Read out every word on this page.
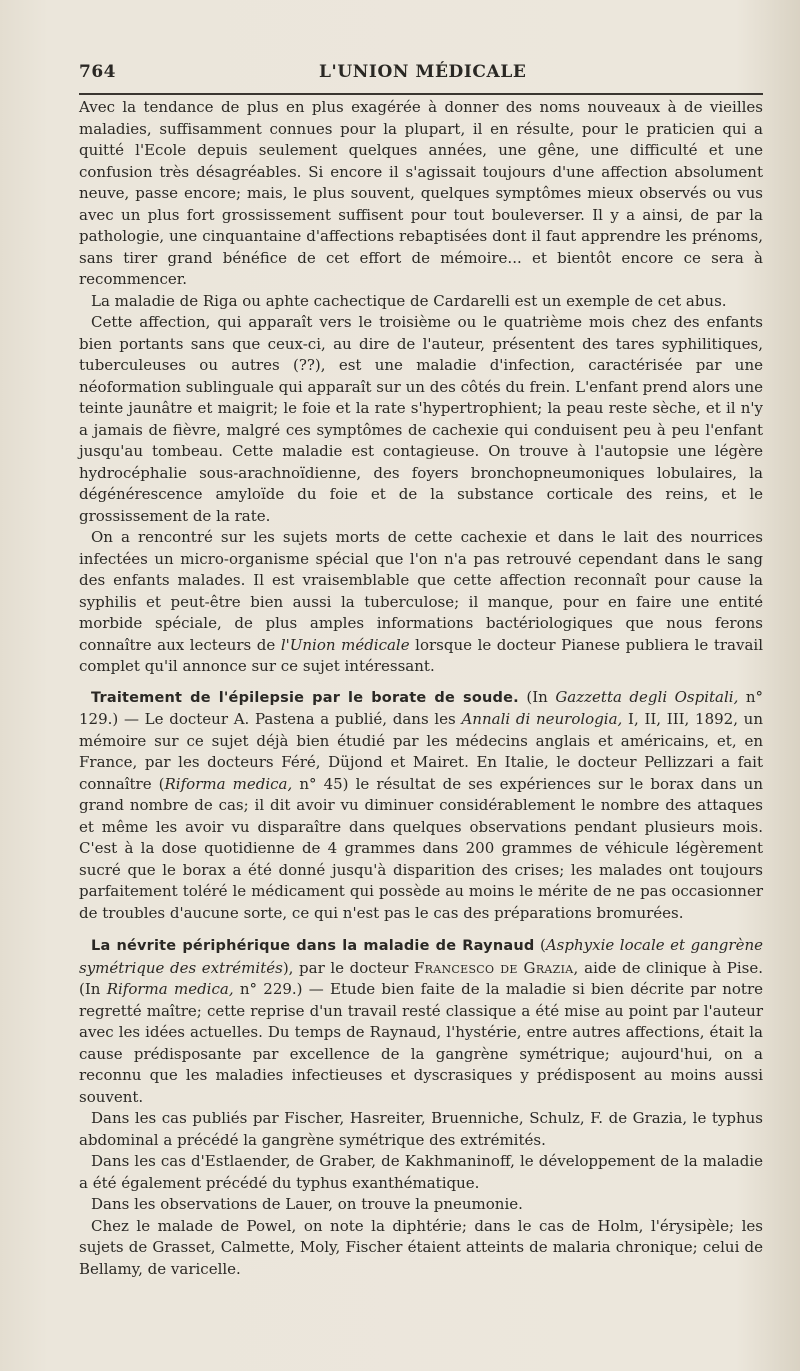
764	L'UNION MÉDICALE

Avec la tendance de plus en plus exagérée à donner des noms nouveaux à de vieilles maladies, suffisamment connues pour la plupart, il en résulte, pour le praticien qui a quitté l'Ecole depuis seulement quelques années, une gêne, une difficulté et une confusion très désagréables. Si encore il s'agissait toujours d'une affection absolument neuve, passe encore; mais, le plus souvent, quelques symptômes mieux observés ou vus avec un plus fort grossissement suffisent pour tout bouleverser. Il y a ainsi, de par la pathologie, une cinquantaine d'affections rebaptisées dont il faut apprendre les prénoms, sans tirer grand bénéfice de cet effort de mémoire... et bientôt encore ce sera à recommencer.

La maladie de Riga ou aphte cachectique de Cardarelli est un exemple de cet abus.

Cette affection, qui apparaît vers le troisième ou le quatrième mois chez des enfants bien portants sans que ceux-ci, au dire de l'auteur, présentent des tares syphilitiques, tuberculeuses ou autres (??), est une maladie d'infection, caractérisée par une néoformation sublinguale qui apparaît sur un des côtés du frein. L'enfant prend alors une teinte jaunâtre et maigrit; le foie et la rate s'hypertrophient; la peau reste sèche, et il n'y a jamais de fièvre, malgré ces symptômes de cachexie qui conduisent peu à peu l'enfant jusqu'au tombeau. Cette maladie est contagieuse. On trouve à l'autopsie une légère hydrocéphalie sous-arachnoïdienne, des foyers bronchopneumoniques lobulaires, la dégénérescence amyloïde du foie et de la substance corticale des reins, et le grossissement de la rate.

On a rencontré sur les sujets morts de cette cachexie et dans le lait des nourrices infectées un micro-organisme spécial que l'on n'a pas retrouvé cependant dans le sang des enfants malades. Il est vraisemblable que cette affection reconnaît pour cause la syphilis et peut-être bien aussi la tuberculose; il manque, pour en faire une entité morbide spéciale, de plus amples informations bactériologiques que nous ferons connaître aux lecteurs de l'Union médicale lorsque le docteur Pianese publiera le travail complet qu'il annonce sur ce sujet intéressant.

Traitement de l'épilepsie par le borate de soude. (In Gazzetta degli Ospitali, n° 129.) — Le docteur A. Pastena a publié, dans les Annali di neurologia, I, II, III, 1892, un mémoire sur ce sujet déjà bien étudié par les médecins anglais et américains, et, en France, par les docteurs Féré, Düjond et Mairet. En Italie, le docteur Pellizzari a fait connaître (Riforma medica, n° 45) le résultat de ses expériences sur le borax dans un grand nombre de cas; il dit avoir vu diminuer considérablement le nombre des attaques et même les avoir vu disparaître dans quelques observations pendant plusieurs mois. C'est à la dose quotidienne de 4 grammes dans 200 grammes de véhicule légèrement sucré que le borax a été donné jusqu'à disparition des crises; les malades ont toujours parfaitement toléré le médicament qui possède au moins le mérite de ne pas occasionner de troubles d'aucune sorte, ce qui n'est pas le cas des préparations bromurées.

La névrite périphérique dans la maladie de Raynaud (Asphyxie locale et gangrène symétrique des extrémités), par le docteur Francesco de Grazia, aide de clinique à Pise. (In Riforma medica, n° 229.) — Etude bien faite de la maladie si bien décrite par notre regretté maître; cette reprise d'un travail resté classique a été mise au point par l'auteur avec les idées actuelles. Du temps de Raynaud, l'hystérie, entre autres affections, était la cause prédisposante par excellence de la gangrène symétrique; aujourd'hui, on a reconnu que les maladies infectieuses et dyscrasiques y prédisposent au moins aussi souvent.

Dans les cas publiés par Fischer, Hasreiter, Bruenniche, Schulz, F. de Grazia, le typhus abdominal a précédé la gangrène symétrique des extrémités.

Dans les cas d'Estlaender, de Graber, de Kakhmaninoff, le développement de la maladie a été également précédé du typhus exanthématique.

Dans les observations de Lauer, on trouve la pneumonie.

Chez le malade de Powel, on note la diphtérie; dans le cas de Holm, l'érysipèle; les sujets de Grasset, Calmette, Moly, Fischer étaient atteints de malaria chronique; celui de Bellamy, de varicelle.
